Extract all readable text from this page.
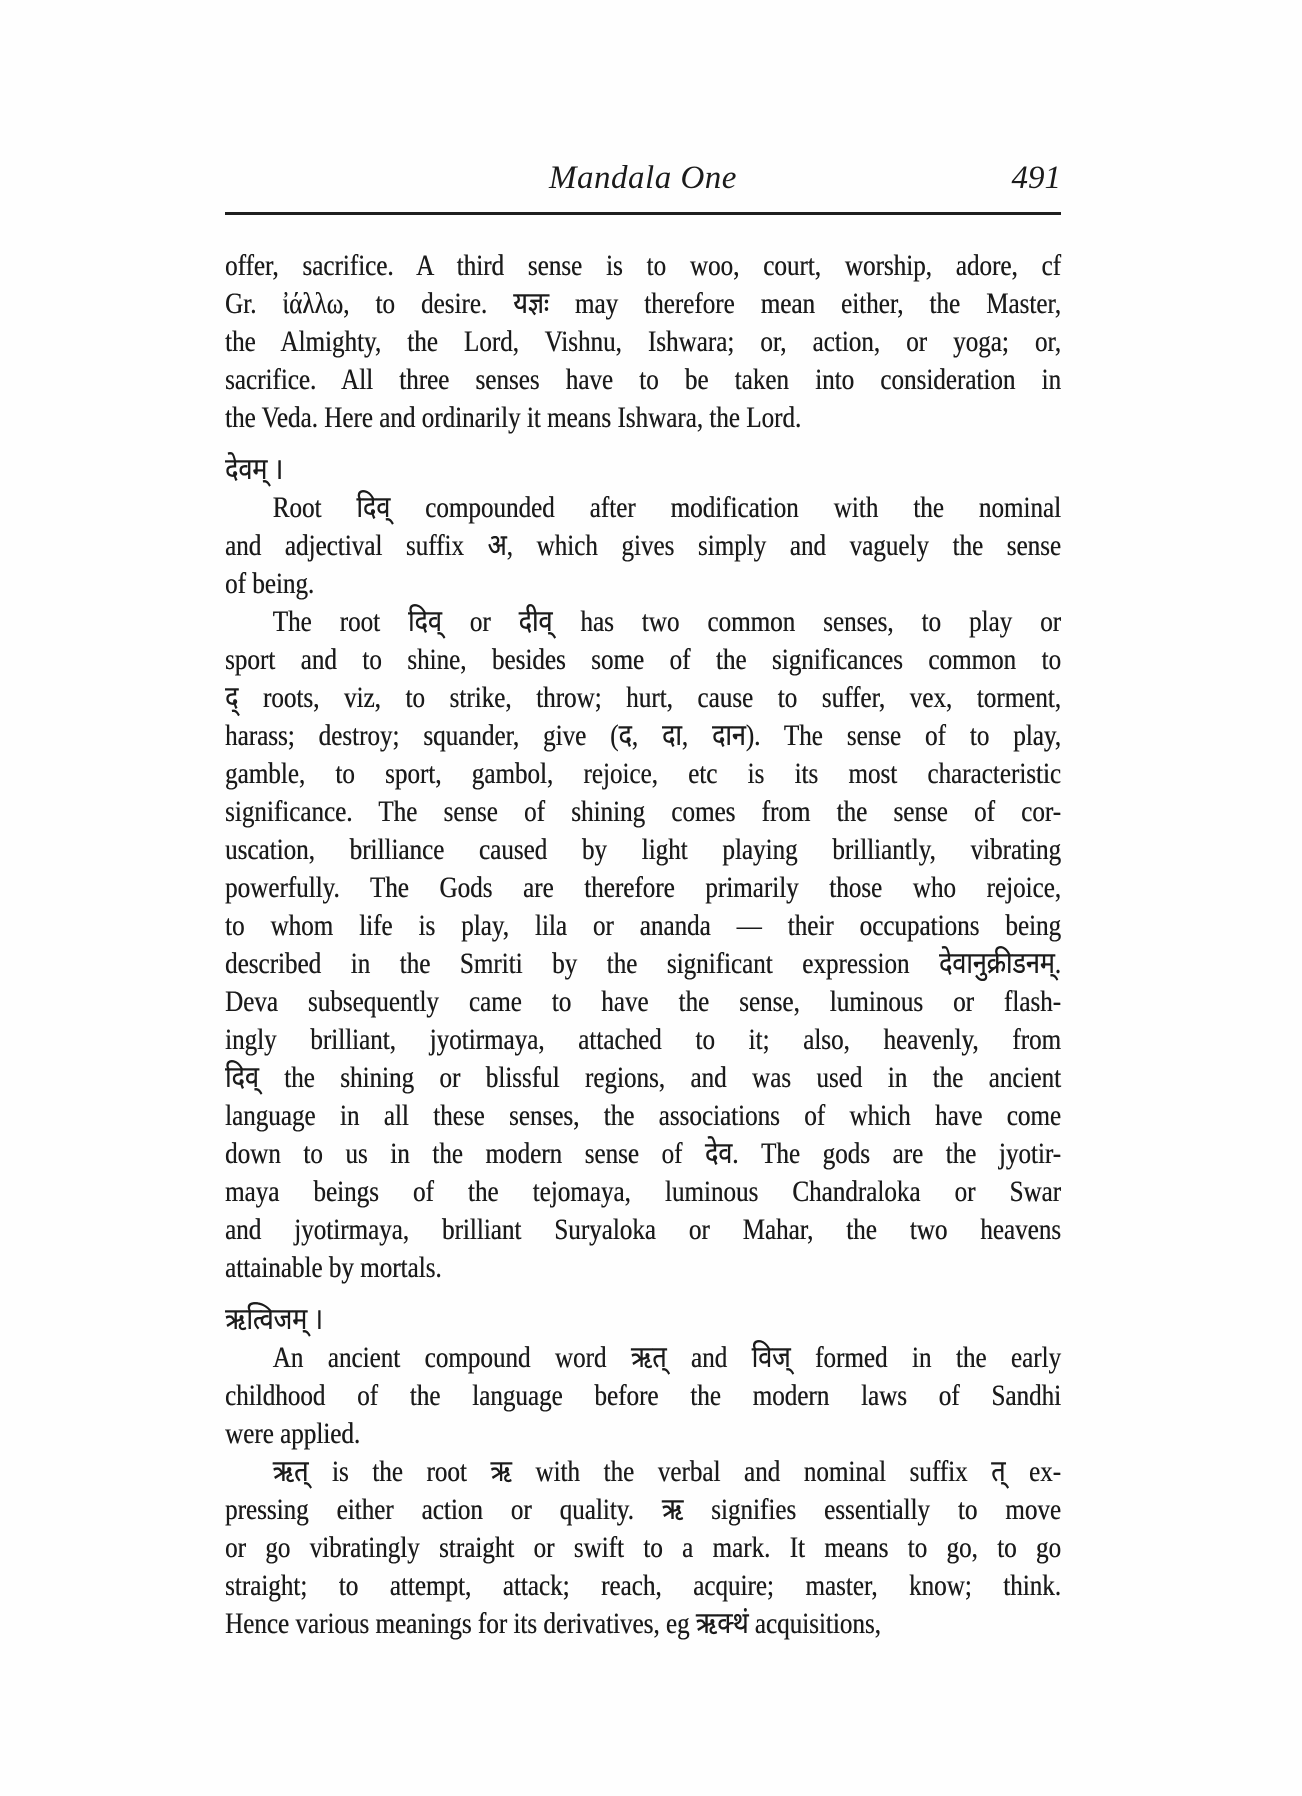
Mandala One	491
offer, sacrifice. A third sense is to woo, court, worship, adore, cf
Gr. ἰάλλω, to desire. यज्ञः may therefore mean either, the Master,
the Almighty, the Lord, Vishnu, Ishwara; or, action, or yoga; or,
sacrifice. All three senses have to be taken into consideration in
the Veda. Here and ordinarily it means Ishwara, the Lord.
देवम् ।
Root दिव् compounded after modification with the nominal
and adjectival suffix अ, which gives simply and vaguely the sense
of being.
The root दिव् or दीव् has two common senses, to play or
sport and to shine, besides some of the significances common to
द् roots, viz, to strike, throw; hurt, cause to suffer, vex, torment,
harass; destroy; squander, give (द, दा, दान). The sense of to play,
gamble, to sport, gambol, rejoice, etc is its most characteristic
significance. The sense of shining comes from the sense of cor-
uscation, brilliance caused by light playing brilliantly, vibrating
powerfully. The Gods are therefore primarily those who rejoice,
to whom life is play, lila or ananda — their occupations being
described in the Smriti by the significant expression देवानुक्रीडनम्.
Deva subsequently came to have the sense, luminous or flash-
ingly brilliant, jyotirmaya, attached to it; also, heavenly, from
दिव् the shining or blissful regions, and was used in the ancient
language in all these senses, the associations of which have come
down to us in the modern sense of देव. The gods are the jyotir-
maya beings of the tejomaya, luminous Chandraloka or Swar
and jyotirmaya, brilliant Suryaloka or Mahar, the two heavens
attainable by mortals.
ऋत्विजम् ।
An ancient compound word ऋत् and विज् formed in the early
childhood of the language before the modern laws of Sandhi
were applied.
ऋत् is the root ऋ with the verbal and nominal suffix त् ex-
pressing either action or quality. ऋ signifies essentially to move
or go vibratingly straight or swift to a mark. It means to go, to go
straight; to attempt, attack; reach, acquire; master, know; think.
Hence various meanings for its derivatives, eg ऋक्थं acquisitions,
